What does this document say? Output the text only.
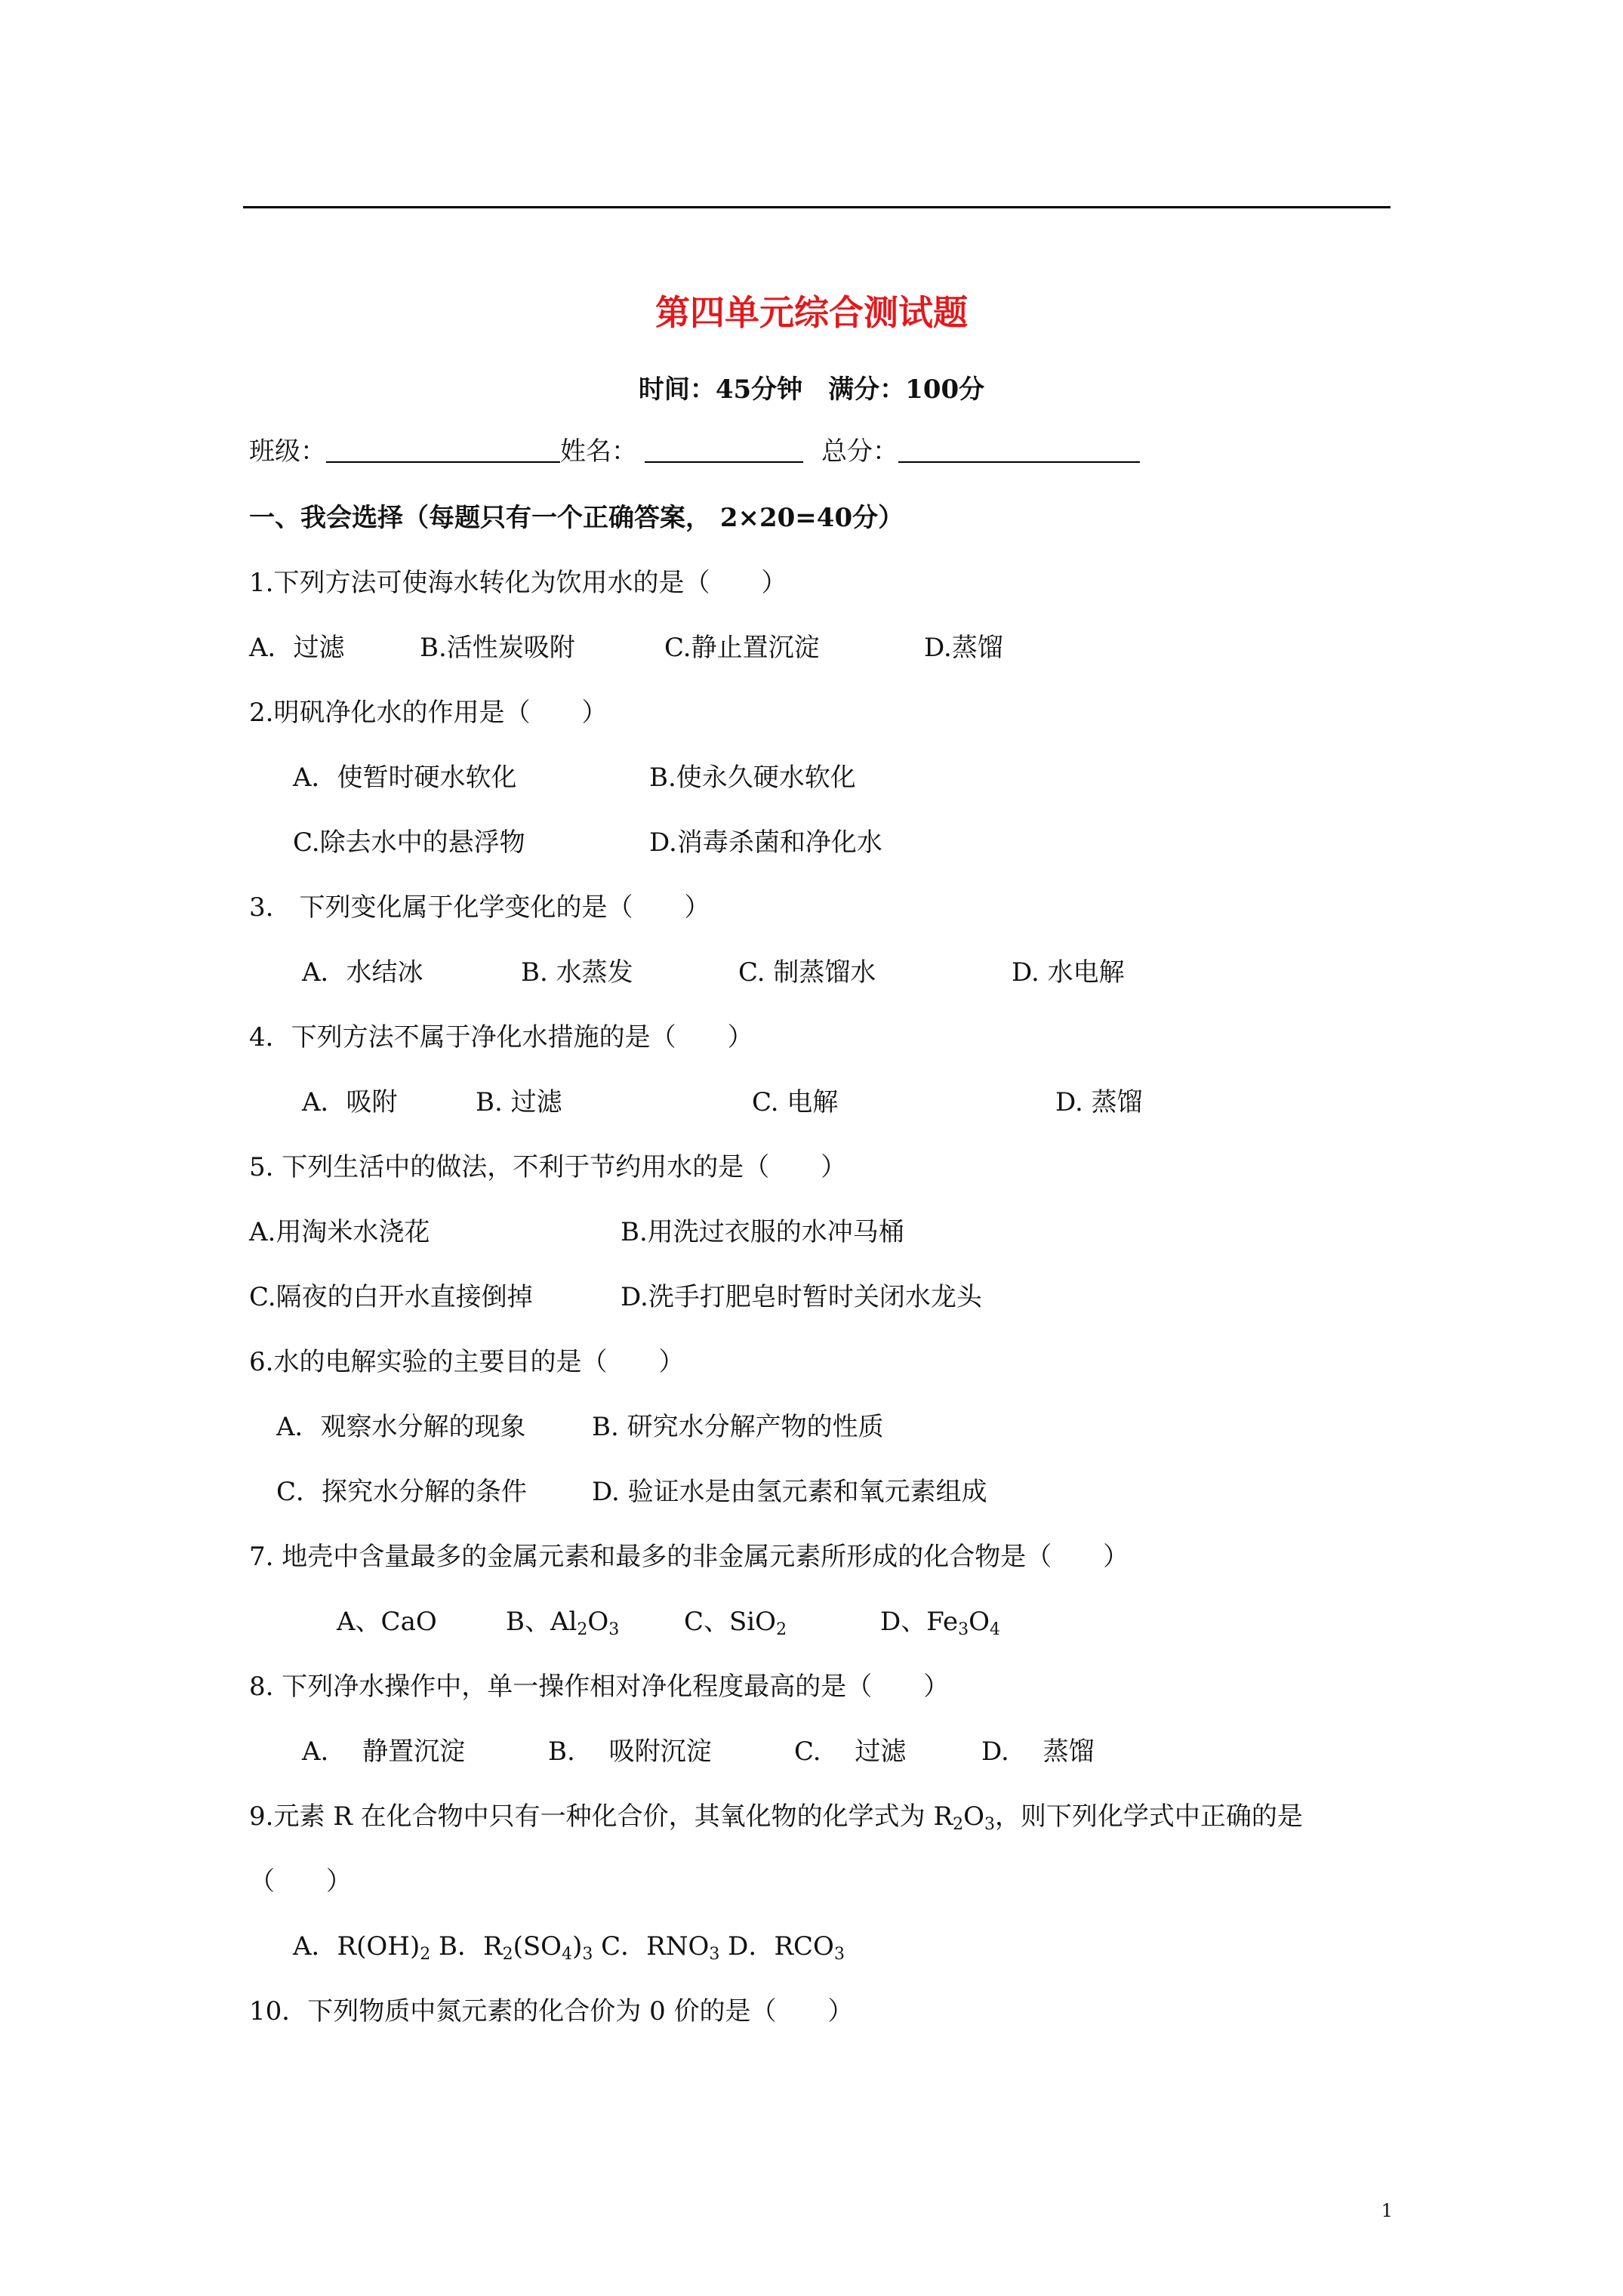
第四单元综合测试题
时间：45分钟　满分：100分
班级：	姓名：	总分：
一、我会选择（每题只有一个正确答案， 2×20=40分）
1.下列方法可使海水转化为饮用水的是（　　）
A．过滤	B.活性炭吸附	C.静止置沉淀	D.蒸馏
2.明矾净化水的作用是（　　）
A．使暂时硬水软化	B.使永久硬水软化
C.除去水中的悬浮物	D.消毒杀菌和净化水
3.　下列变化属于化学变化的是（　　）
A．水结冰	B. 水蒸发	C. 制蒸馏水	D. 水电解
4．下列方法不属于净化水措施的是（　　）
A．吸附	B. 过滤	C. 电解	D. 蒸馏
5. 下列生活中的做法，不利于节约用水的是（　　）
A.用淘米水浇花	B.用洗过衣服的水冲马桶
C.隔夜的白开水直接倒掉	D.洗手打肥皂时暂时关闭水龙头
6.水的电解实验的主要目的是（　　）
A．观察水分解的现象	B. 研究水分解产物的性质
C．探究水分解的条件	D. 验证水是由氢元素和氧元素组成
7. 地壳中含量最多的金属元素和最多的非金属元素所形成的化合物是（　　）
A、CaO	B、$Al_2O_3$	C、SiO$_2$	D、$Fe_3O_4$
8. 下列净水操作中，单一操作相对净化程度最高的是（　　）
A.　 静置沉淀	B.　 吸附沉淀	C.　 过滤	D.　 蒸馏
9.元素 R 在化合物中只有一种化合价，其氧化物的化学式为 $R_2O_3$，则下列化学式中正确的是
（　　）
A．$R(OH)_2$ B．$R_2(SO_4)_3$ C．$RNO_3$ D．$RCO_3$
10．下列物质中氮元素的化合价为 0 价的是（　　）
1
